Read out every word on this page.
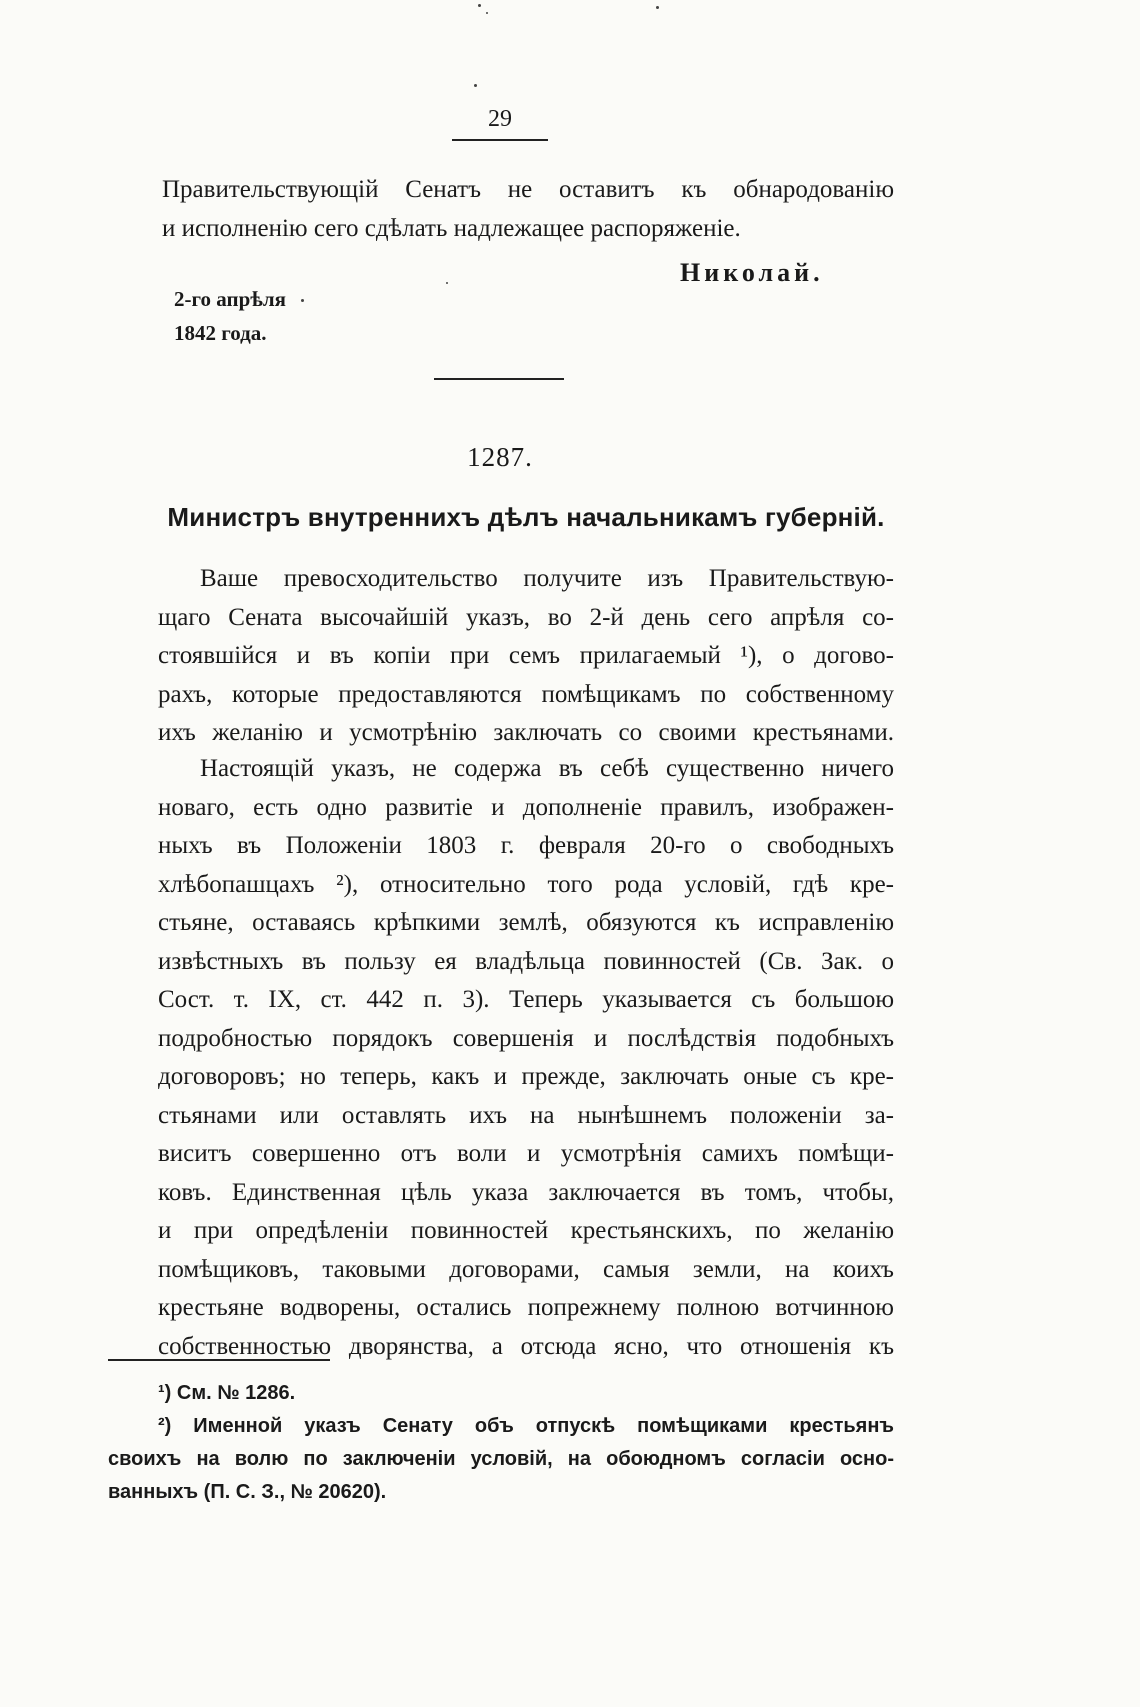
29

Правительствующій Сенатъ не оставитъ къ обнародованію
и исполненію сего сдѣлать надлежащее распоряженіе.

Николай.
2-го апрѣля
1842 года.
1287.
Министръ внутреннихъ дѣлъ начальникамъ губерній.

Ваше превосходительство получите изъ Правительствую-
щаго Сената высочайшій указъ, во 2-й день сего апрѣля со-
стоявшійся и въ копіи при семъ прилагаемый ¹), о догово-
рахъ, которые предоставляются помѣщикамъ по собственному
ихъ желанію и усмотрѣнію заключать со своими крестьянами.

Настоящій указъ, не содержа въ себѣ существенно ничего
новаго, есть одно развитіе и дополненіе правилъ, изображен-
ныхъ въ Положеніи 1803 г. февраля 20-го о свободныхъ
хлѣбопашцахъ ²), относительно того рода условій, гдѣ кре-
стьяне, оставаясь крѣпкими землѣ, обязуются къ исправленію
извѣстныхъ въ пользу ея владѣльца повинностей (Св. Зак. о
Сост. т. IX, ст. 442 п. 3). Теперь указывается съ большою
подробностью порядокъ совершенія и послѣдствія подобныхъ
договоровъ; но теперь, какъ и прежде, заключать оные съ кре-
стьянами или оставлять ихъ на нынѣшнемъ положеніи за-
виситъ совершенно отъ воли и усмотрѣнія самихъ помѣщи-
ковъ. Единственная цѣль указа заключается въ томъ, чтобы,
и при опредѣленіи повинностей крестьянскихъ, по желанію
помѣщиковъ, таковыми договорами, самыя земли, на коихъ
крестьяне водворены, остались попрежнему полною вотчинною
собственностью дворянства, а отсюда ясно, что отношенія къ

¹) См. № 1286.
²) Именной указъ Сенату объ отпускѣ помѣщиками крестьянъ
своихъ на волю по заключеніи условій, на обоюдномъ согласіи осно-
ванныхъ (П. С. З., № 20620).
